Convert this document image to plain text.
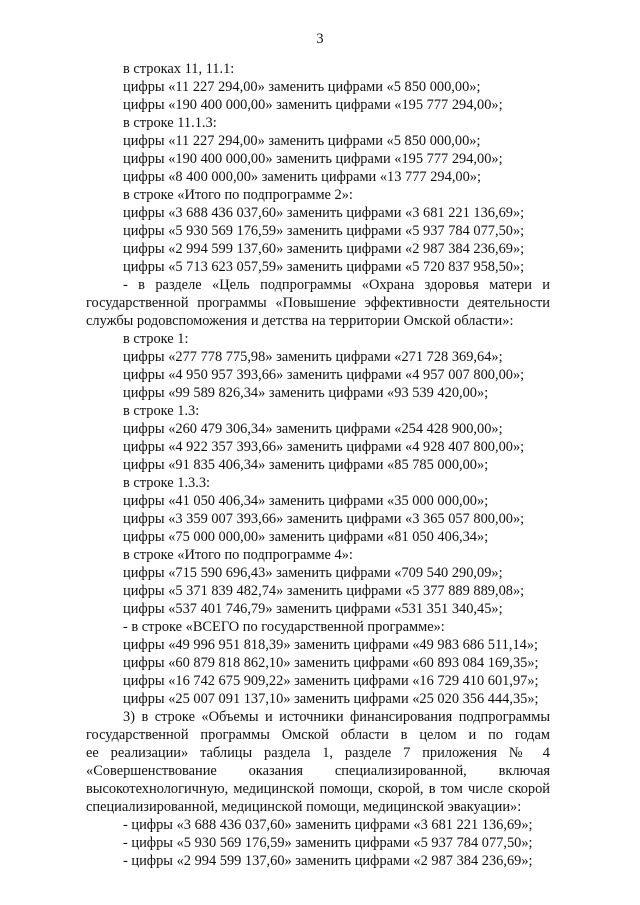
3
в строках 11, 11.1:
цифры «11 227 294,00» заменить цифрами «5 850 000,00»;
цифры «190 400 000,00» заменить цифрами «195 777 294,00»;
в строке 11.1.3:
цифры «11 227 294,00» заменить цифрами «5 850 000,00»;
цифры «190 400 000,00» заменить цифрами «195 777 294,00»;
цифры «8 400 000,00» заменить цифрами «13 777 294,00»;
в строке «Итого по подпрограмме 2»:
цифры «3 688 436 037,60» заменить цифрами «3 681 221 136,69»;
цифры «5 930 569 176,59» заменить цифрами «5 937 784 077,50»;
цифры «2 994 599 137,60» заменить цифрами «2 987 384 236,69»;
цифры «5 713 623 057,59» заменить цифрами «5 720 837 958,50»;
- в разделе «Цель подпрограммы «Охрана здоровья матери и
государственной программы «Повышение эффективности деятельности
службы родовспоможения и детства на территории Омской области»:
в строке 1:
цифры «277 778 775,98» заменить цифрами «271 728 369,64»;
цифры «4 950 957 393,66» заменить цифрами «4 957 007 800,00»;
цифры «99 589 826,34» заменить цифрами «93 539 420,00»;
в строке 1.3:
цифры «260 479 306,34» заменить цифрами «254 428 900,00»;
цифры «4 922 357 393,66» заменить цифрами «4 928 407 800,00»;
цифры «91 835 406,34» заменить цифрами «85 785 000,00»;
в строке 1.3.3:
цифры «41 050 406,34» заменить цифрами «35 000 000,00»;
цифры «3 359 007 393,66» заменить цифрами «3 365 057 800,00»;
цифры «75 000 000,00» заменить цифрами «81 050 406,34»;
в строке «Итого по подпрограмме 4»:
цифры «715 590 696,43» заменить цифрами «709 540 290,09»;
цифры «5 371 839 482,74» заменить цифрами «5 377 889 889,08»;
цифры «537 401 746,79» заменить цифрами «531 351 340,45»;
- в строке «ВСЕГО по государственной программе»:
цифры «49 996 951 818,39» заменить цифрами «49 983 686 511,14»;
цифры «60 879 818 862,10» заменить цифрами «60 893 084 169,35»;
цифры «16 742 675 909,22» заменить цифрами «16 729 410 601,97»;
цифры «25 007 091 137,10» заменить цифрами «25 020 356 444,35»;
3) в строке «Объемы и источники финансирования подпрограммы
государственной программы Омской области в целом и по годам
ее реализации» таблицы раздела 1, разделе 7 приложения № 4
«Совершенствование оказания специализированной, включая
высокотехнологичную, медицинской помощи, скорой, в том числе скорой
специализированной, медицинской помощи, медицинской эвакуации»:
- цифры «3 688 436 037,60» заменить цифрами «3 681 221 136,69»;
- цифры «5 930 569 176,59» заменить цифрами «5 937 784 077,50»;
- цифры «2 994 599 137,60» заменить цифрами «2 987 384 236,69»;
